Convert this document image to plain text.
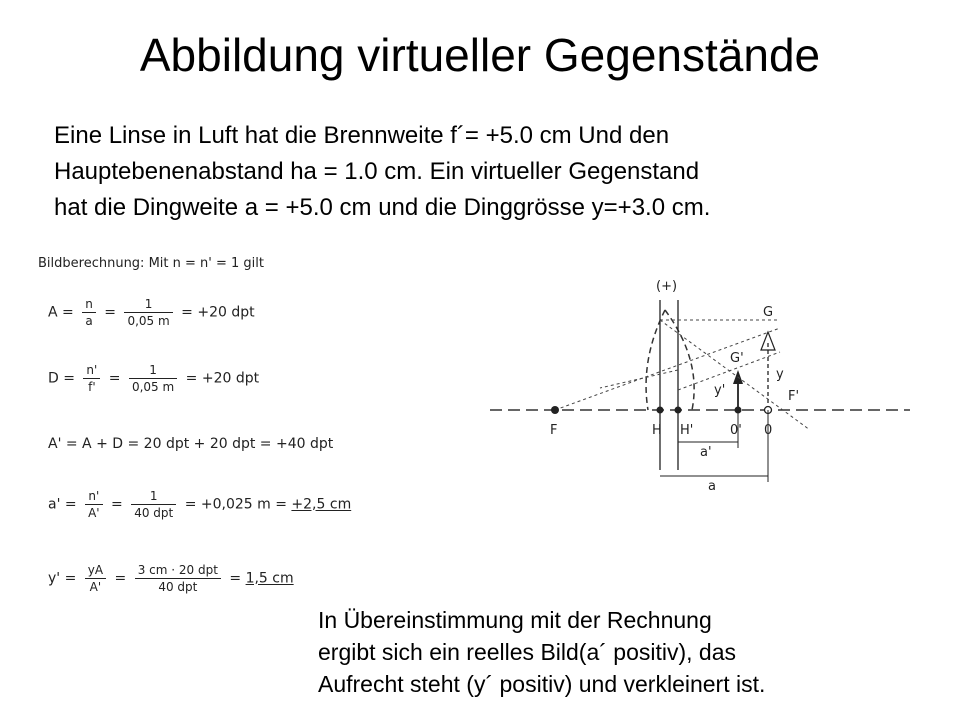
Abbildung virtueller Gegenstände
Eine Linse in Luft hat die Brennweite f´= +5.0 cm Und den
Hauptebenenabstand ha = 1.0 cm. Ein virtueller Gegenstand
hat die Dingweite a = +5.0 cm und die Dinggrösse y=+3.0 cm.
Bildberechnung: Mit n = n' = 1 gilt
$A = \frac{n}{a} = \frac{1}{0,05 m} = +20$ dpt
$D = \frac{n'}{f'} = \frac{1}{0,05 m} = +20$ dpt
A' = A + D = 20 dpt + 20 dpt = +40 dpt
$a' = \frac{n'}{A'} = \frac{1}{\text{40 dpt}} = +0,025$ m = +2,5 cm
$y' = \frac{yA}{A'} = \frac{\text{3 cm · 20 dpt}}{\text{40 dpt}} = 1,5$ cm
(+)
G
G'
y
y'	F'
F	H H'	0' 0
a'
a
In Übereinstimmung mit der Rechnung
ergibt sich ein reelles Bild(a´ positiv), das
Aufrecht steht (y´ positiv) und verkleinert ist.
